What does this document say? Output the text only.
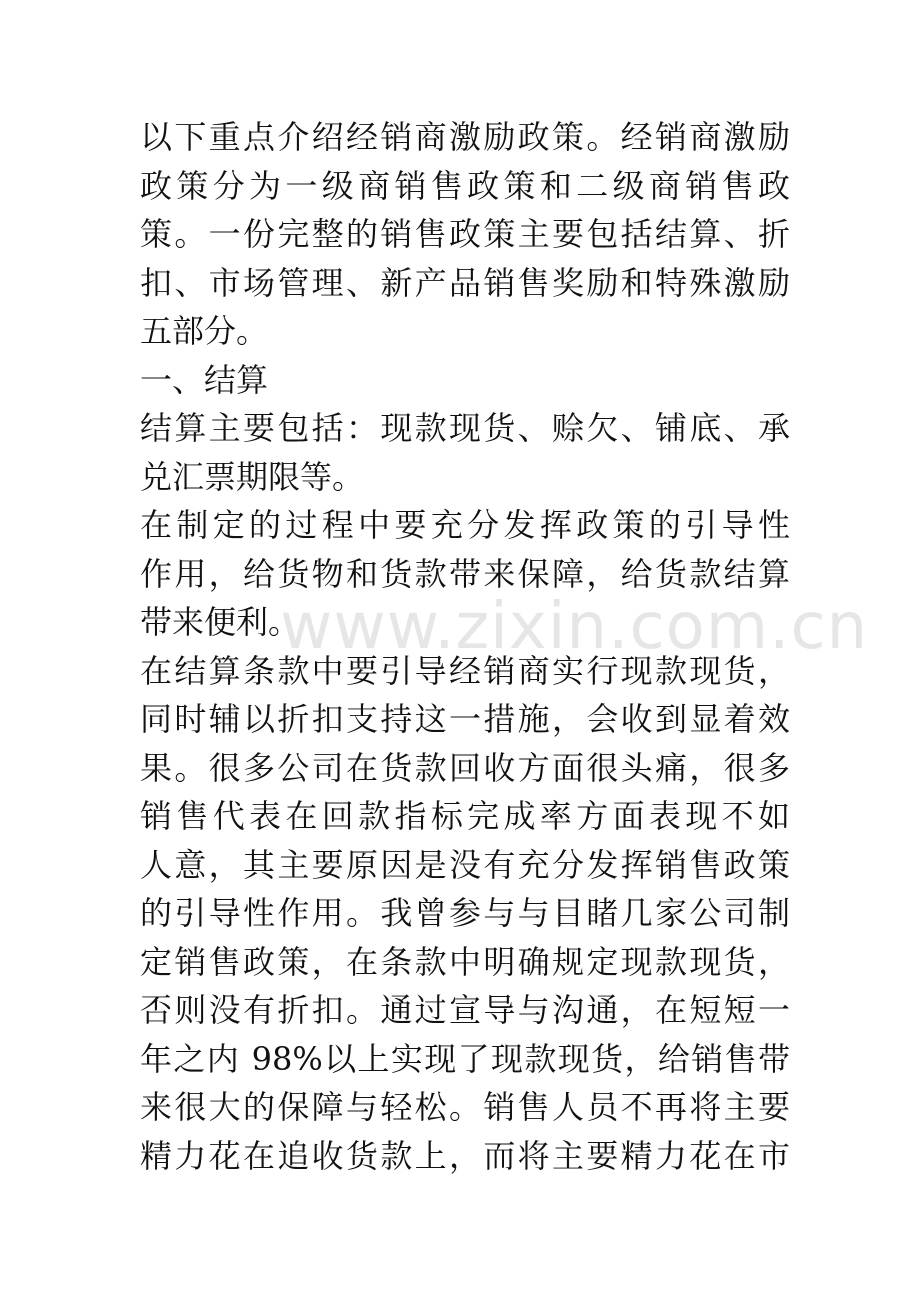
以下重点介绍经销商激励政策。经销商激励
政策分为一级商销售政策和二级商销售政
策。一份完整的销售政策主要包括结算、折
扣、市场管理、新产品销售奖励和特殊激励
五部分。
一、结算
结算主要包括：现款现货、赊欠、铺底、承
兑汇票期限等。
在制定的过程中要充分发挥政策的引导性
作用，给货物和货款带来保障，给货款结算
带来便利。
在结算条款中要引导经销商实行现款现货，
同时辅以折扣支持这一措施，会收到显着效
果。很多公司在货款回收方面很头痛，很多
销售代表在回款指标完成率方面表现不如
人意，其主要原因是没有充分发挥销售政策
的引导性作用。我曾参与与目睹几家公司制
定销售政策，在条款中明确规定现款现货，
否则没有折扣。通过宣导与沟通，在短短一
年之内 98%以上实现了现款现货，给销售带
来很大的保障与轻松。销售人员不再将主要
精力花在追收货款上，而将主要精力花在市
www.zixin.com.cn
